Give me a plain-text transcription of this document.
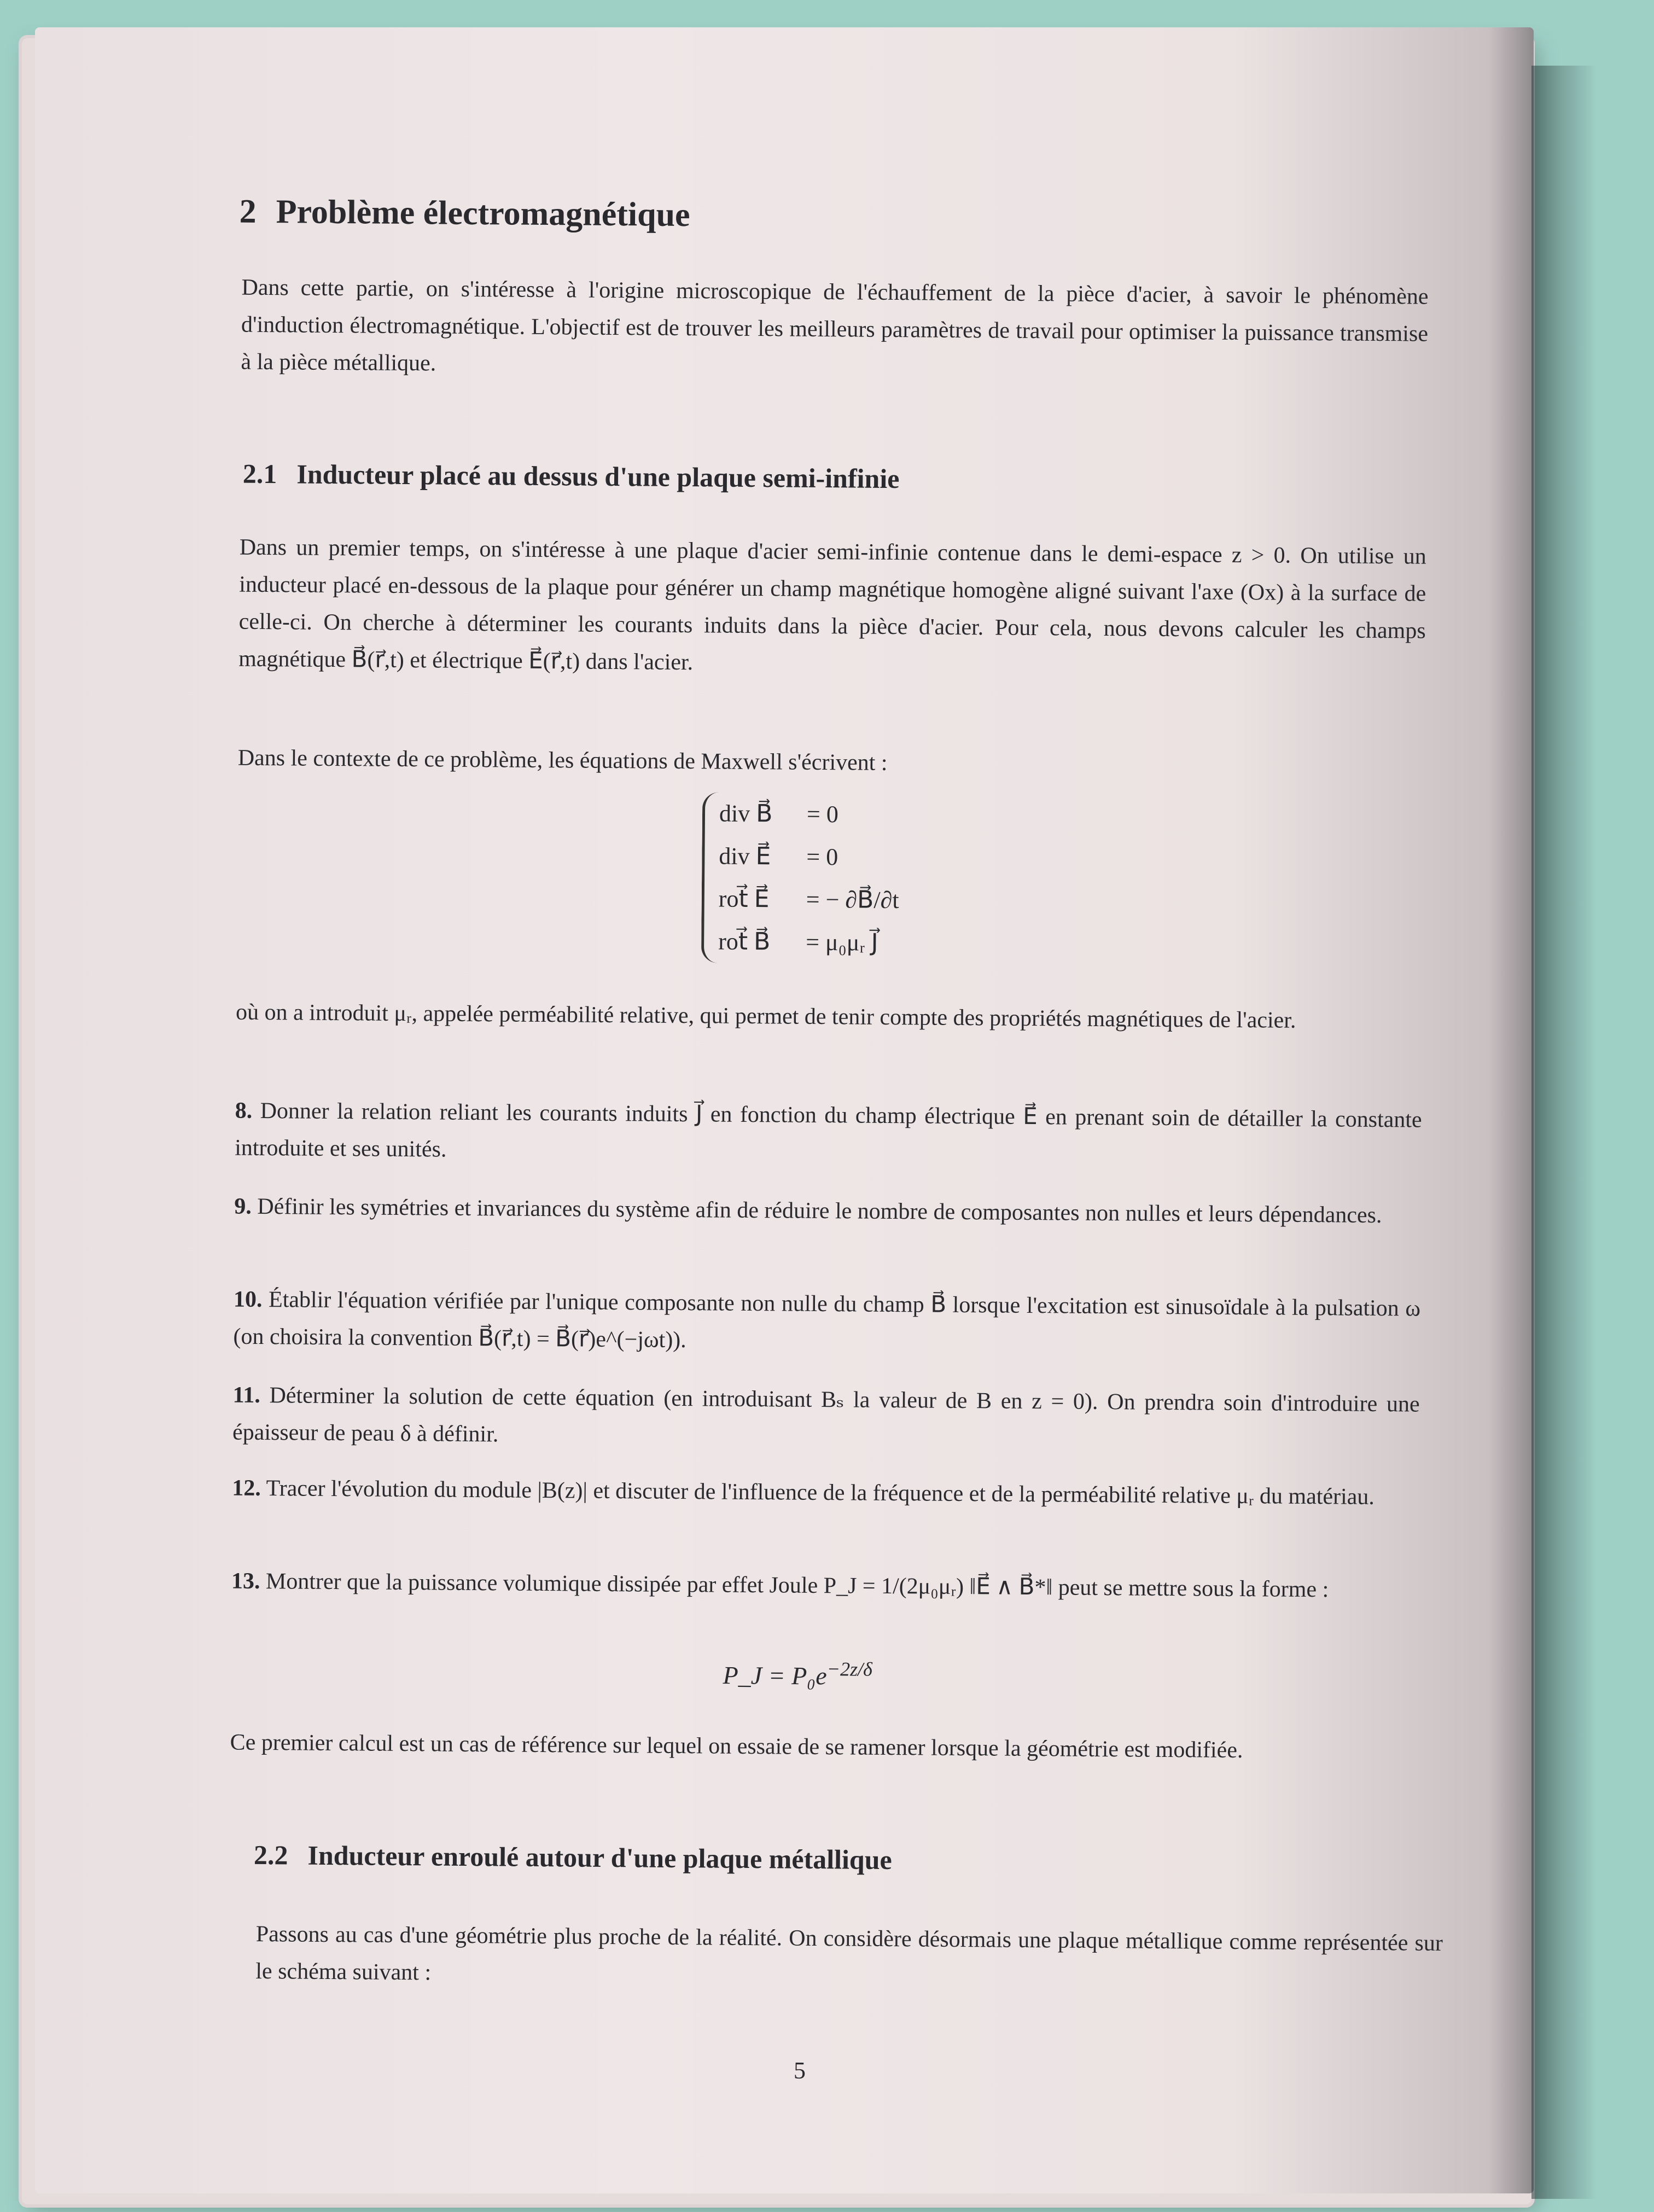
2 Problème électromagnétique

Dans cette partie, on s'intéresse à l'origine microscopique de l'échauffement de la pièce d'acier, à savoir le phénomène d'induction électromagnétique. L'objectif est de trouver les meilleurs paramètres de travail pour optimiser la puissance transmise à la pièce métallique.

2.1 Inducteur placé au dessus d'une plaque semi-infinie

Dans un premier temps, on s'intéresse à une plaque d'acier semi-infinie contenue dans le demi-espace z > 0. On utilise un inducteur placé en-dessous de la plaque pour générer un champ magnétique homogène aligné suivant l'axe (Ox) à la surface de celle-ci. On cherche à déterminer les courants induits dans la pièce d'acier. Pour cela, nous devons calculer les champs magnétique B⃗(r⃗,t) et électrique E⃗(r⃗,t) dans l'acier.

Dans le contexte de ce problème, les équations de Maxwell s'écrivent :

div B⃗	= 0
div E⃗	= 0
rot⃗ E⃗	= − ∂B⃗/∂t
rot⃗ B⃗	= μ₀μᵣ J⃗

où on a introduit μᵣ, appelée perméabilité relative, qui permet de tenir compte des propriétés magnétiques de l'acier.

8. Donner la relation reliant les courants induits J⃗ en fonction du champ électrique E⃗ en prenant soin de détailler la constante introduite et ses unités.

9. Définir les symétries et invariances du système afin de réduire le nombre de composantes non nulles et leurs dépendances.

10. Établir l'équation vérifiée par l'unique composante non nulle du champ B⃗ lorsque l'excitation est sinusoïdale à la pulsation ω (on choisira la convention B⃗(r⃗,t) = B⃗(r⃗)e^(−jωt)).

11. Déterminer la solution de cette équation (en introduisant Bₛ la valeur de B en z = 0). On prendra soin d'introduire une épaisseur de peau δ à définir.

12. Tracer l'évolution du module |B(z)| et discuter de l'influence de la fréquence et de la perméabilité relative μᵣ du matériau.

13. Montrer que la puissance volumique dissipée par effet Joule P_J = 1/(2μ₀μᵣ) ‖E⃗ ∧ B⃗*‖ peut se mettre sous la forme :

P_J = $P_0e^{-2z/\delta}$

Ce premier calcul est un cas de référence sur lequel on essaie de se ramener lorsque la géométrie est modifiée.

2.2 Inducteur enroulé autour d'une plaque métallique

Passons au cas d'une géométrie plus proche de la réalité. On considère désormais une plaque métallique comme représentée sur le schéma suivant :

5
